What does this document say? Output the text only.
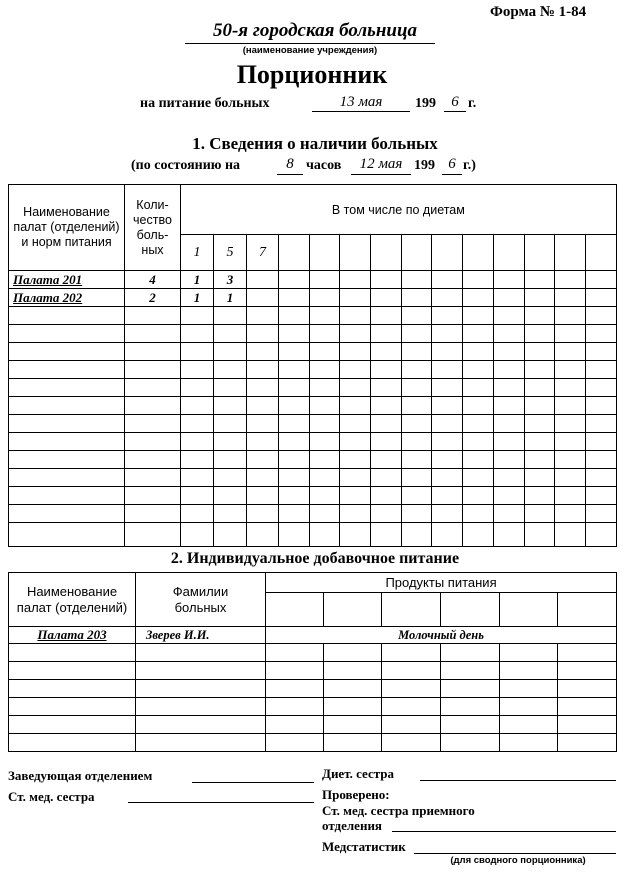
Форма № 1-84
50-я городская больница
(наименование учреждения)
Порционник
на питание больных	13 мая	199	6 г.
1. Сведения о наличии больных
(по состоянию на	8 часов	12 мая 199 6 г.)
Наименование палат (отделений) и норм питания	Коли- чество боль- ных	В том числе по диетам													
		1	5	7											
Палата 201	4	1	3												
Палата 202	2	1	1												

2. Индивидуальное добавочное питание
Наименование палат (отделений)	Фамилии больных	Продукты питания					

Палата 203	Зверев И.И.	Молочный день					

Заведующая отделением	Диет. сестра
Ст. мед. сестра	Проверено:
Ст. мед. сестра приемного отделения
Медстатистик
(для сводного порционника)
